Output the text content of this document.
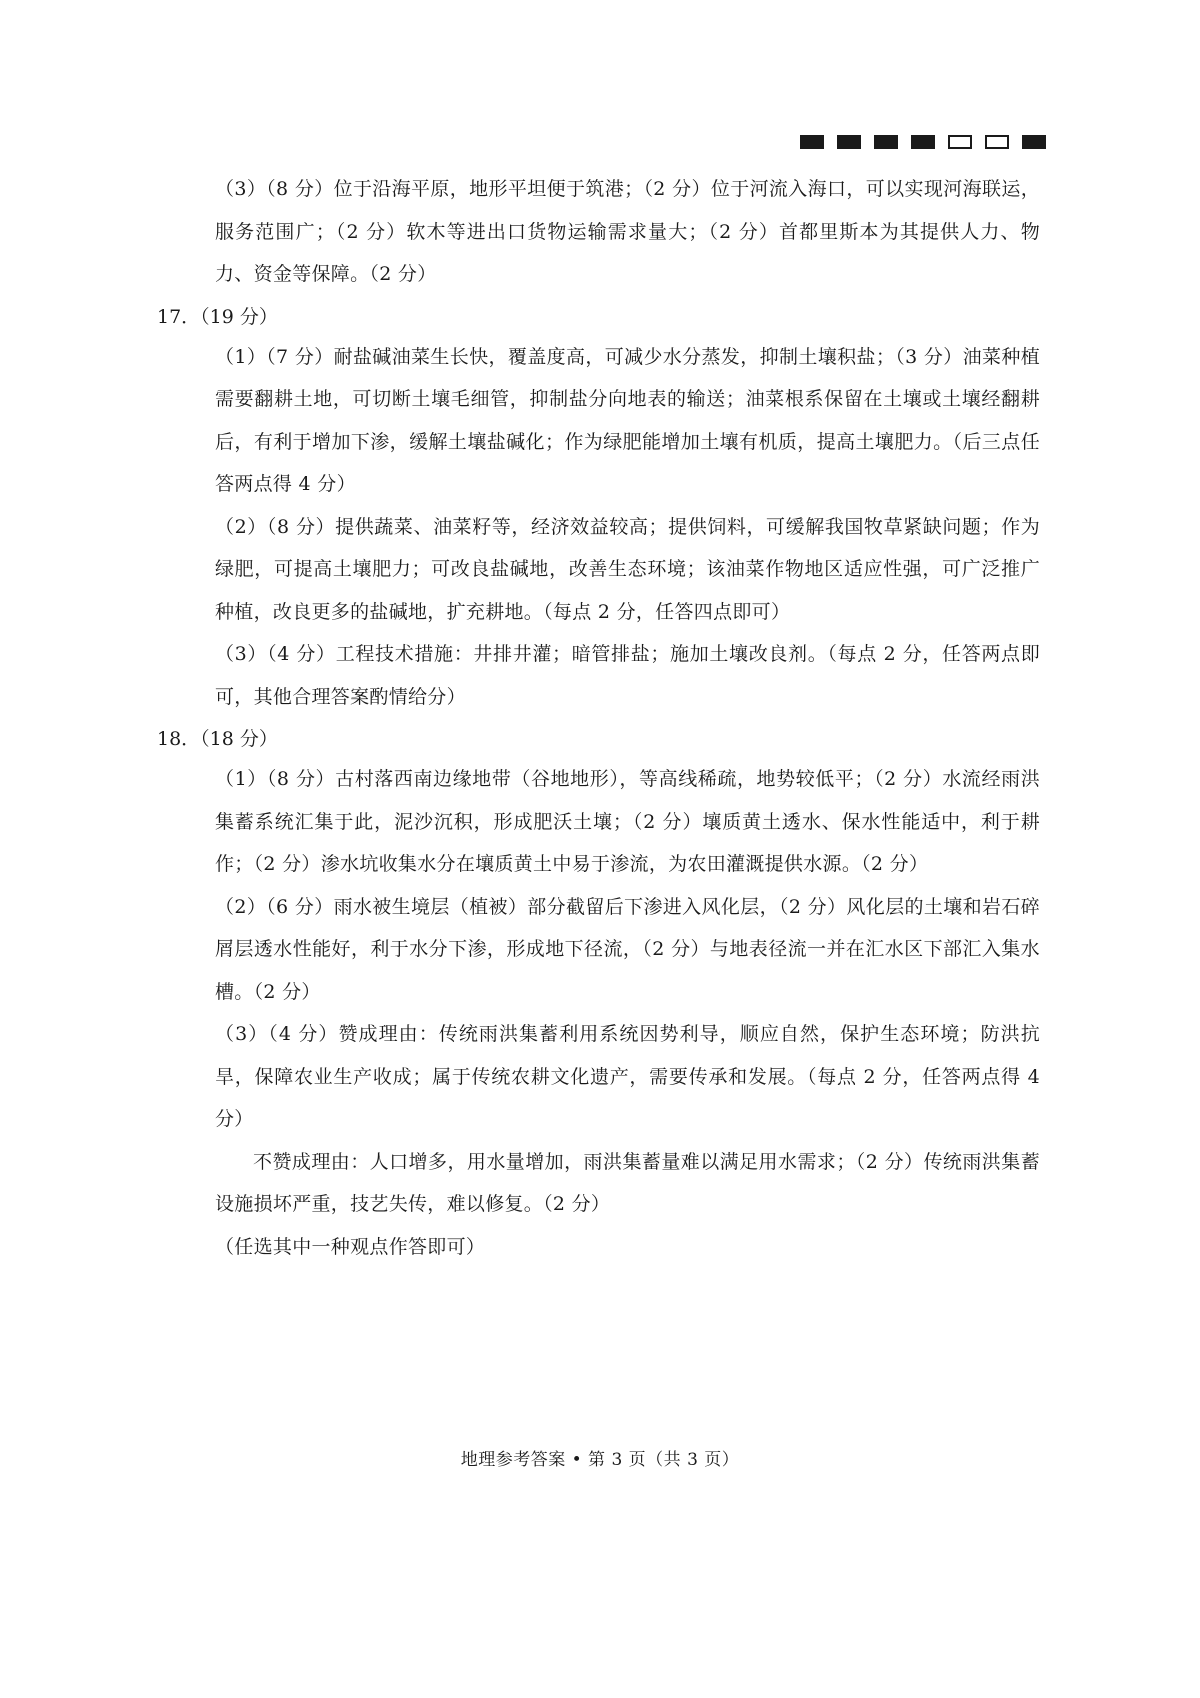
（3）（8 分）位于沿海平原，地形平坦便于筑港；（2 分）位于河流入海口，可以实现河海联运，服务范围广；（2 分）软木等进出口货物运输需求量大；（2 分）首都里斯本为其提供人力、物力、资金等保障。（2 分）

17．（19 分）

（1）（7 分）耐盐碱油菜生长快，覆盖度高，可减少水分蒸发，抑制土壤积盐；（3 分）油菜种植需要翻耕土地，可切断土壤毛细管，抑制盐分向地表的输送；油菜根系保留在土壤或土壤经翻耕后，有利于增加下渗，缓解土壤盐碱化；作为绿肥能增加土壤有机质，提高土壤肥力。（后三点任答两点得 4 分）

（2）（8 分）提供蔬菜、油菜籽等，经济效益较高；提供饲料，可缓解我国牧草紧缺问题；作为绿肥，可提高土壤肥力；可改良盐碱地，改善生态环境；该油菜作物地区适应性强，可广泛推广种植，改良更多的盐碱地，扩充耕地。（每点 2 分，任答四点即可）

（3）（4 分）工程技术措施：井排井灌；暗管排盐；施加土壤改良剂。（每点 2 分，任答两点即可，其他合理答案酌情给分）

18．（18 分）

（1）（8 分）古村落西南边缘地带（谷地地形），等高线稀疏，地势较低平；（2 分）水流经雨洪集蓄系统汇集于此，泥沙沉积，形成肥沃土壤；（2 分）壤质黄土透水、保水性能适中，利于耕作；（2 分）渗水坑收集水分在壤质黄土中易于渗流，为农田灌溉提供水源。（2 分）

（2）（6 分）雨水被生境层（植被）部分截留后下渗进入风化层，（2 分）风化层的土壤和岩石碎屑层透水性能好，利于水分下渗，形成地下径流，（2 分）与地表径流一并在汇水区下部汇入集水槽。（2 分）

（3）（4 分）赞成理由：传统雨洪集蓄利用系统因势利导，顺应自然，保护生态环境；防洪抗旱，保障农业生产收成；属于传统农耕文化遗产，需要传承和发展。（每点 2 分，任答两点得 4 分）

不赞成理由：人口增多，用水量增加，雨洪集蓄量难以满足用水需求；（2 分）传统雨洪集蓄设施损坏严重，技艺失传，难以修复。（2 分）

（任选其中一种观点作答即可）

地理参考答案 • 第 3 页（共 3 页）
